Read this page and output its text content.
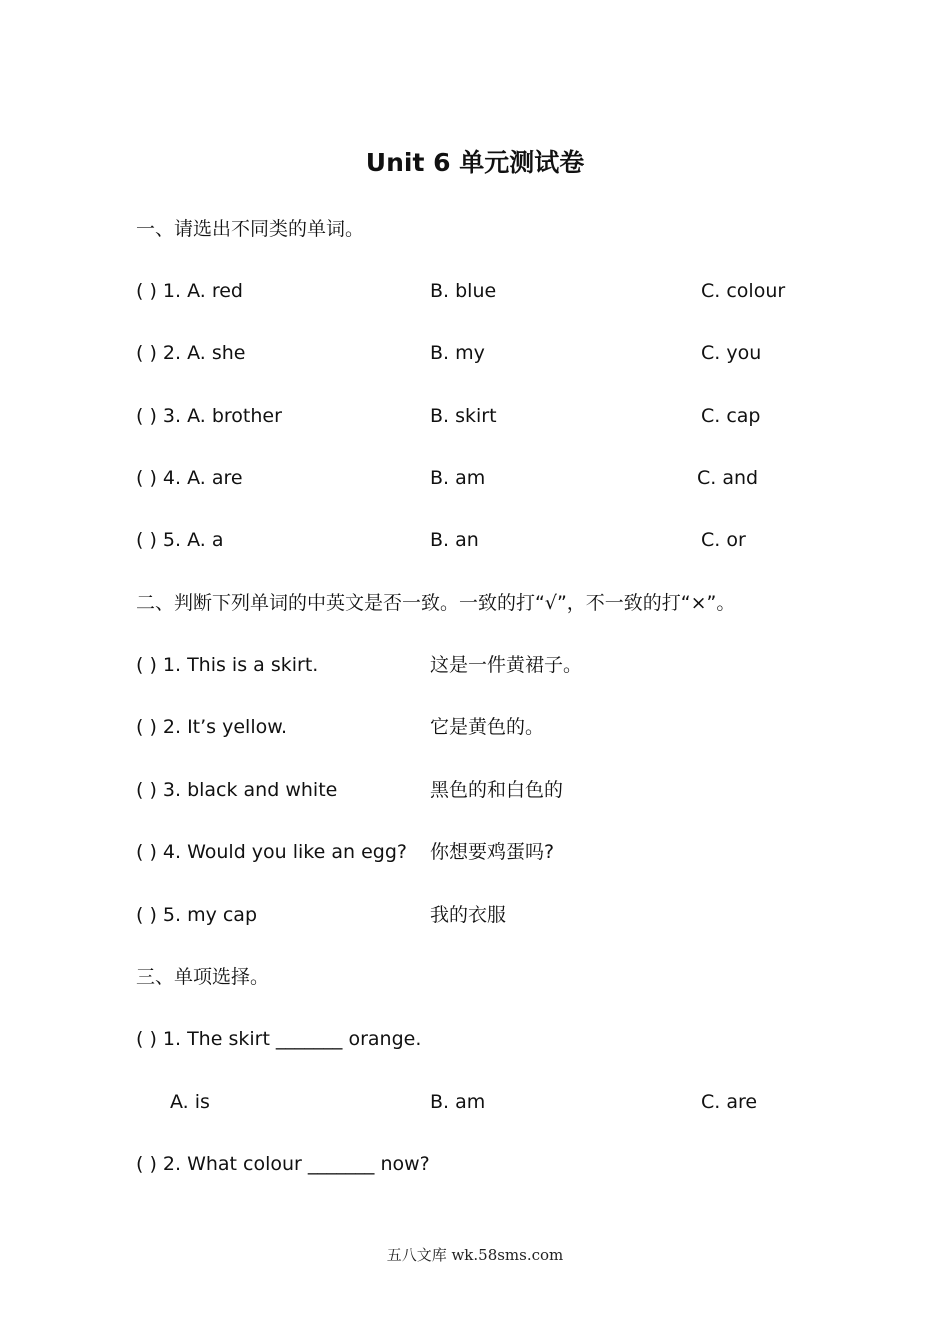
Unit 6 单元测试卷
一、请选出不同类的单词。
( ) 1. A. red	B. blue	C. colour
( ) 2. A. she	B. my	C. you
( ) 3. A. brother	B. skirt	C. cap
( ) 4. A. are	B. am	C. and
( ) 5. A. a	B. an	C. or
二、判断下列单词的中英文是否一致。一致的打“√”，不一致的打“×”。
( ) 1. This is a skirt.	这是一件黄裙子。
( ) 2. It’s yellow.	它是黄色的。
( ) 3. black and white	黑色的和白色的
( ) 4. Would you like an egg? 你想要鸡蛋吗?
( ) 5. my cap	我的衣服
三、单项选择。
( ) 1. The skirt _______ orange.
A. is	B. am	C. are
( ) 2. What colour _______ now?
五八文库 wk.58sms.com
